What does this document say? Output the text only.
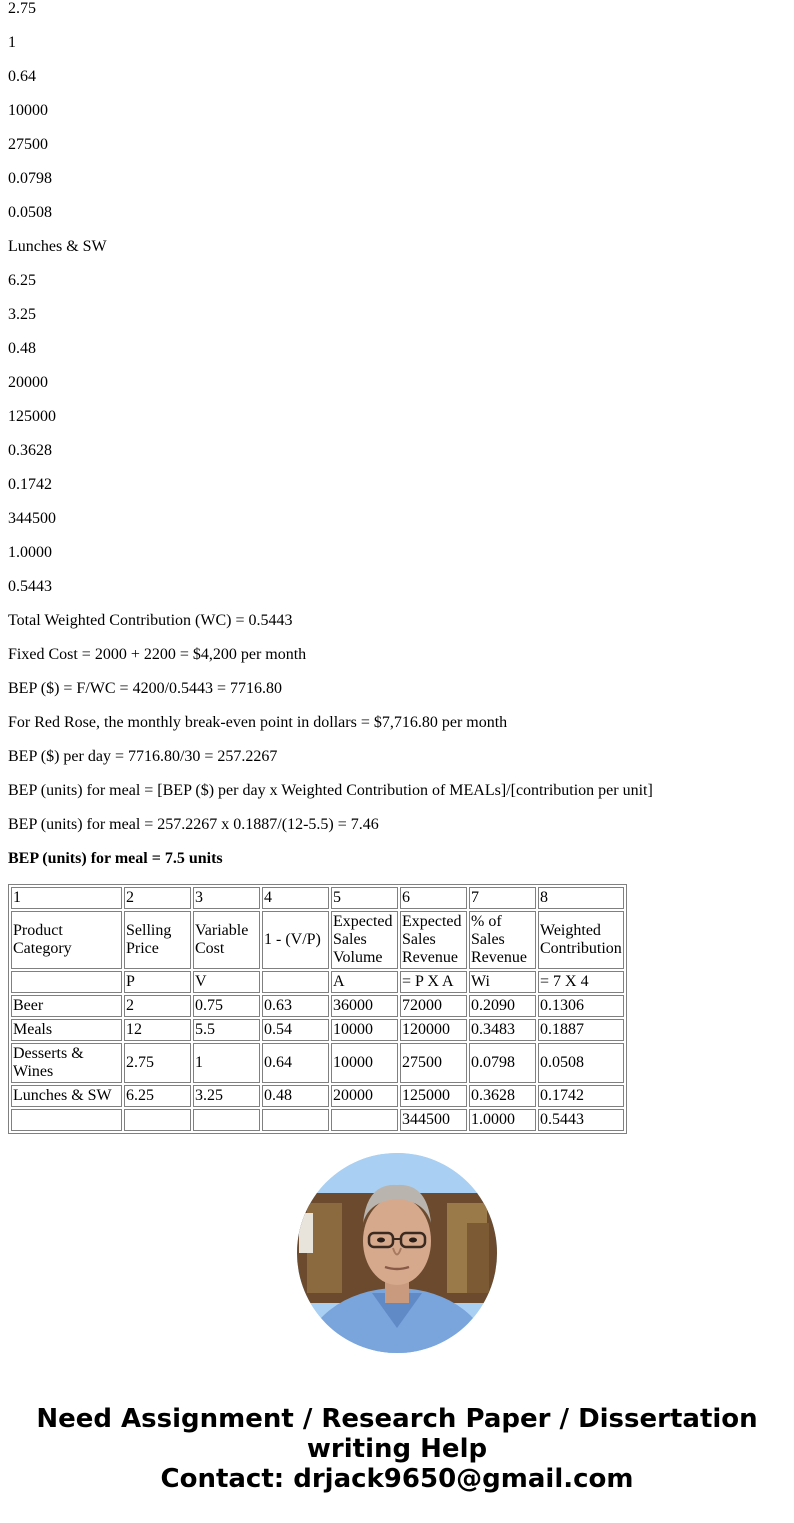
2.75

1

0.64

10000

27500

0.0798

0.0508

Lunches & SW

6.25

3.25

0.48

20000

125000

0.3628

0.1742

344500

1.0000

0.5443

Total Weighted Contribution (WC) = 0.5443

Fixed Cost = 2000 + 2200 = $4,200 per month

BEP ($) = F/WC = 4200/0.5443 = 7716.80

For Red Rose, the monthly break-even point in dollars = $7,716.80 per month

BEP ($) per day = 7716.80/30 = 257.2267

BEP (units) for meal = [BEP ($) per day x Weighted Contribution of MEALs]/[contribution per unit]

BEP (units) for meal = 257.2267 x 0.1887/(12-5.5) = 7.46

BEP (units) for meal = 7.5 units

1	2	3	4	5	6	7	8
Product Category	Selling Price	Variable Cost	1 - (V/P)	Expected Sales Volume	Expected Sales Revenue	% of Sales Revenue	Weighted Contribution
	P	V		A	= P X A	Wi	= 7 X 4
Beer	2	0.75	0.63	36000	72000	0.2090	0.1306
Meals	12	5.5	0.54	10000	120000	0.3483	0.1887
Desserts & Wines	2.75	1	0.64	10000	27500	0.0798	0.0508
Lunches & SW	6.25	3.25	0.48	20000	125000	0.3628	0.1742
					344500	1.0000	0.5443
Need Assignment / Research Paper / Dissertation
writing Help
Contact: drjack9650@gmail.com
